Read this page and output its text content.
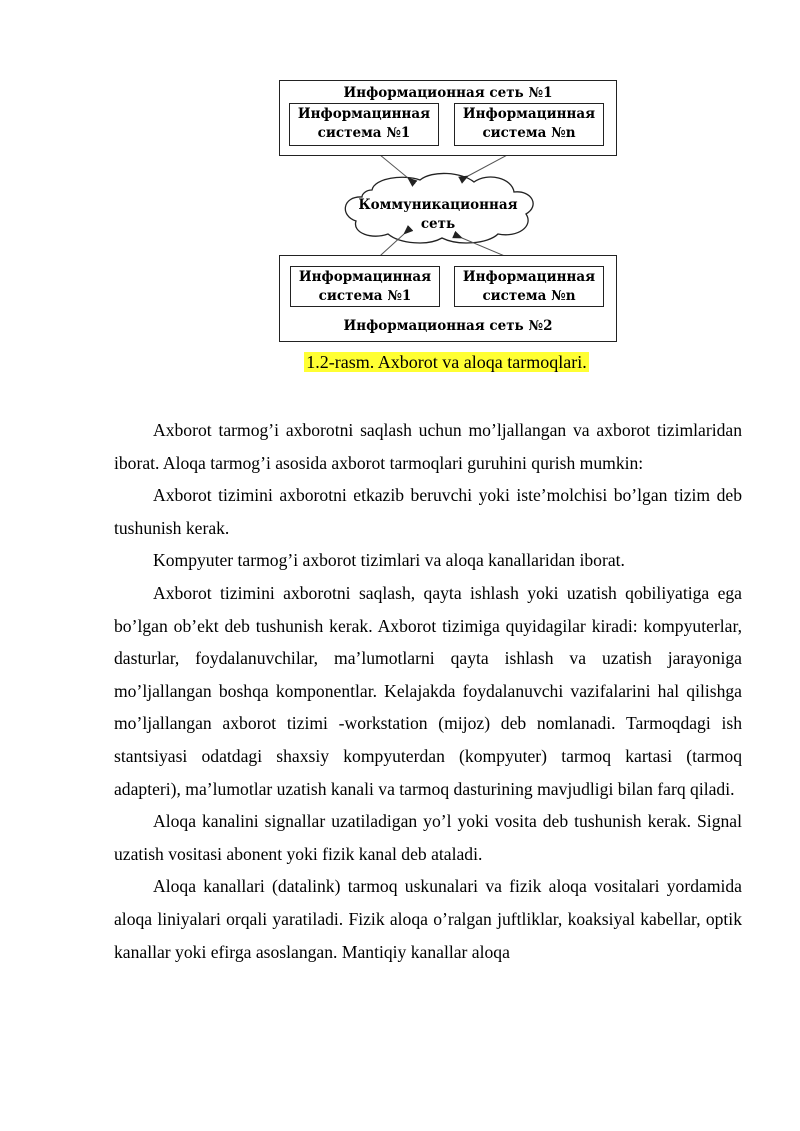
Информационная сеть №1
Информацинная
система №1
Информацинная
система №n
Коммуникационная
сеть
Информацинная
система №1
Информацинная
система №n
Информационная сеть №2
1.2-rasm. Axborot va aloqa tarmoqlari.

Axborot tarmog’i axborotni saqlash uchun mo’ljallangan va axborot tizimlaridan iborat. Aloqa tarmog’i asosida axborot tarmoqlari guruhini qurish mumkin:

Axborot tizimini axborotni etkazib beruvchi yoki iste’molchisi bo’lgan tizim deb tushunish kerak.

Kompyuter tarmog’i axborot tizimlari va aloqa kanallaridan iborat.

Axborot tizimini axborotni saqlash, qayta ishlash yoki uzatish qobiliyatiga ega bo’lgan ob’ekt deb tushunish kerak. Axborot tizimiga quyidagilar kiradi: kompyuterlar, dasturlar, foydalanuvchilar, ma’lumotlarni qayta ishlash va uzatish jarayoniga mo’ljallangan boshqa komponentlar. Kelajakda foydalanuvchi vazifalarini hal qilishga mo’ljallangan axborot tizimi -workstation (mijoz) deb nomlanadi. Tarmoqdagi ish stantsiyasi odatdagi shaxsiy kompyuterdan (kompyuter) tarmoq kartasi (tarmoq adapteri), ma’lumotlar uzatish kanali va tarmoq dasturining mavjudligi bilan farq qiladi.

Aloqa kanalini signallar uzatiladigan yo’l yoki vosita deb tushunish kerak. Signal uzatish vositasi abonent yoki fizik kanal deb ataladi.

Aloqa kanallari (datalink) tarmoq uskunalari va fizik aloqa vositalari yordamida aloqa liniyalari orqali yaratiladi. Fizik aloqa o’ralgan juftliklar, koaksiyal kabellar, optik kanallar yoki efirga asoslangan. Mantiqiy kanallar aloqa
